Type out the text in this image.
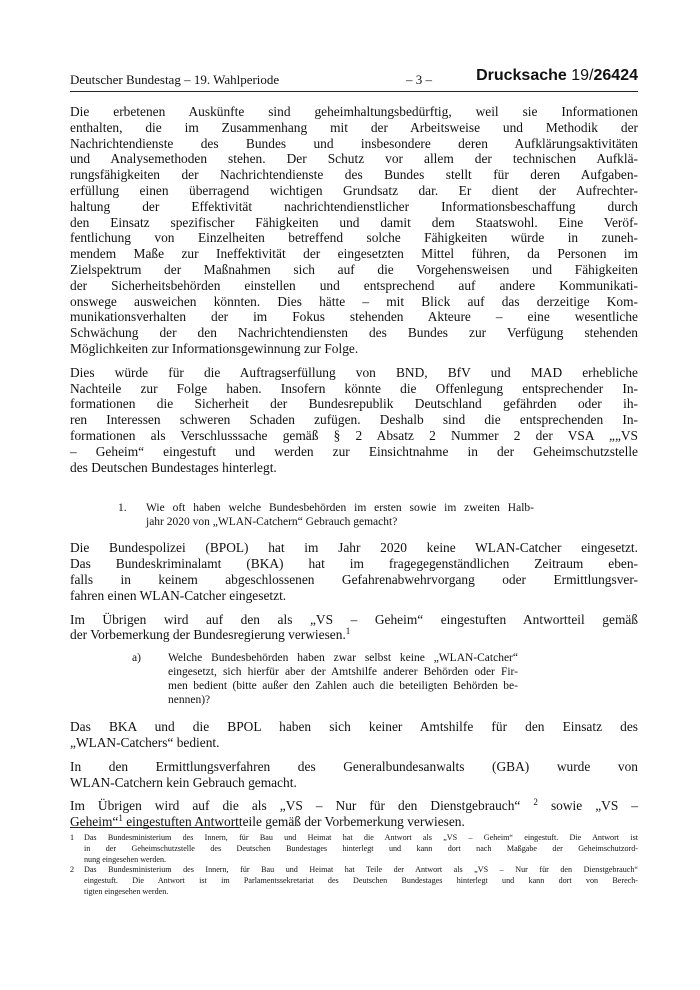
Deutscher Bundestag – 19. Wahlperiode	– 3 –	Drucksache 19/26424

Die erbetenen Auskünfte sind geheimhaltungsbedürftig, weil sie Informationen
enthalten, die im Zusammenhang mit der Arbeitsweise und Methodik der
Nachrichtendienste des Bundes und insbesondere deren Aufklärungsaktivitäten
und Analysemethoden stehen. Der Schutz vor allem der technischen Aufklä-
rungsfähigkeiten der Nachrichtendienste des Bundes stellt für deren Aufgaben-
erfüllung einen überragend wichtigen Grundsatz dar. Er dient der Aufrechter-
haltung der Effektivität nachrichtendienstlicher Informationsbeschaffung durch
den Einsatz spezifischer Fähigkeiten und damit dem Staatswohl. Eine Veröf-
fentlichung von Einzelheiten betreffend solche Fähigkeiten würde in zuneh-
mendem Maße zur Ineffektivität der eingesetzten Mittel führen, da Personen im
Zielspektrum der Maßnahmen sich auf die Vorgehensweisen und Fähigkeiten
der Sicherheitsbehörden einstellen und entsprechend auf andere Kommunikati-
onswege ausweichen könnten. Dies hätte – mit Blick auf das derzeitige Kom-
munikationsverhalten der im Fokus stehenden Akteure – eine wesentliche
Schwächung der den Nachrichtendiensten des Bundes zur Verfügung stehenden
Möglichkeiten zur Informationsgewinnung zur Folge.

Dies würde für die Auftragserfüllung von BND, BfV und MAD erhebliche
Nachteile zur Folge haben. Insofern könnte die Offenlegung entsprechender In-
formationen die Sicherheit der Bundesrepublik Deutschland gefährden oder ih-
ren Interessen schweren Schaden zufügen. Deshalb sind die entsprechenden In-
formationen als Verschlusssache gemäß § 2 Absatz 2 Nummer 2 der VSA „„VS
– Geheim“ eingestuft und werden zur Einsichtnahme in der Geheimschutzstelle
des Deutschen Bundestages hinterlegt.

1.	Wie oft haben welche Bundesbehörden im ersten sowie im zweiten Halb-
jahr 2020 von „WLAN-Catchern“ Gebrauch gemacht?

Die Bundespolizei (BPOL) hat im Jahr 2020 keine WLAN-Catcher eingesetzt.
Das Bundeskriminalamt (BKA) hat im fragegegenständlichen Zeitraum eben-
falls in keinem abgeschlossenen Gefahrenabwehrvorgang oder Ermittlungsver-
fahren einen WLAN-Catcher eingesetzt.

Im Übrigen wird auf den als „VS – Geheim“ eingestuften Antwortteil gemäß
der Vorbemerkung der Bundesregierung verwiesen.$^1$

a)	Welche Bundesbehörden haben zwar selbst keine „WLAN-Catcher“
eingesetzt, sich hierfür aber der Amtshilfe anderer Behörden oder Fir-
men bedient (bitte außer den Zahlen auch die beteiligten Behörden be-
nennen)?

Das BKA und die BPOL haben sich keiner Amtshilfe für den Einsatz des
„WLAN-Catchers“ bedient.

In den Ermittlungsverfahren des Generalbundesanwalts (GBA) wurde von
WLAN-Catchern kein Gebrauch gemacht.

Im Übrigen wird auf die als „VS – Nur für den Dienstgebrauch“ $^2$ sowie „VS –
Geheim“$^1$ eingestuften Antwortteile gemäß der Vorbemerkung verwiesen.

1 Das Bundesministerium des Innern, für Bau und Heimat hat die Antwort als „VS – Geheim“ eingestuft. Die Antwort ist
in der Geheimschutzstelle des Deutschen Bundestages hinterlegt und kann dort nach Maßgabe der Geheimschutzord-
nung eingesehen werden.
2 Das Bundesministerium des Innern, für Bau und Heimat hat Teile der Antwort als „VS – Nur für den Dienstgebrauch“
eingestuft. Die Antwort ist im Parlamentssekretariat des Deutschen Bundestages hinterlegt und kann dort von Berech-
tigten eingesehen werden.
